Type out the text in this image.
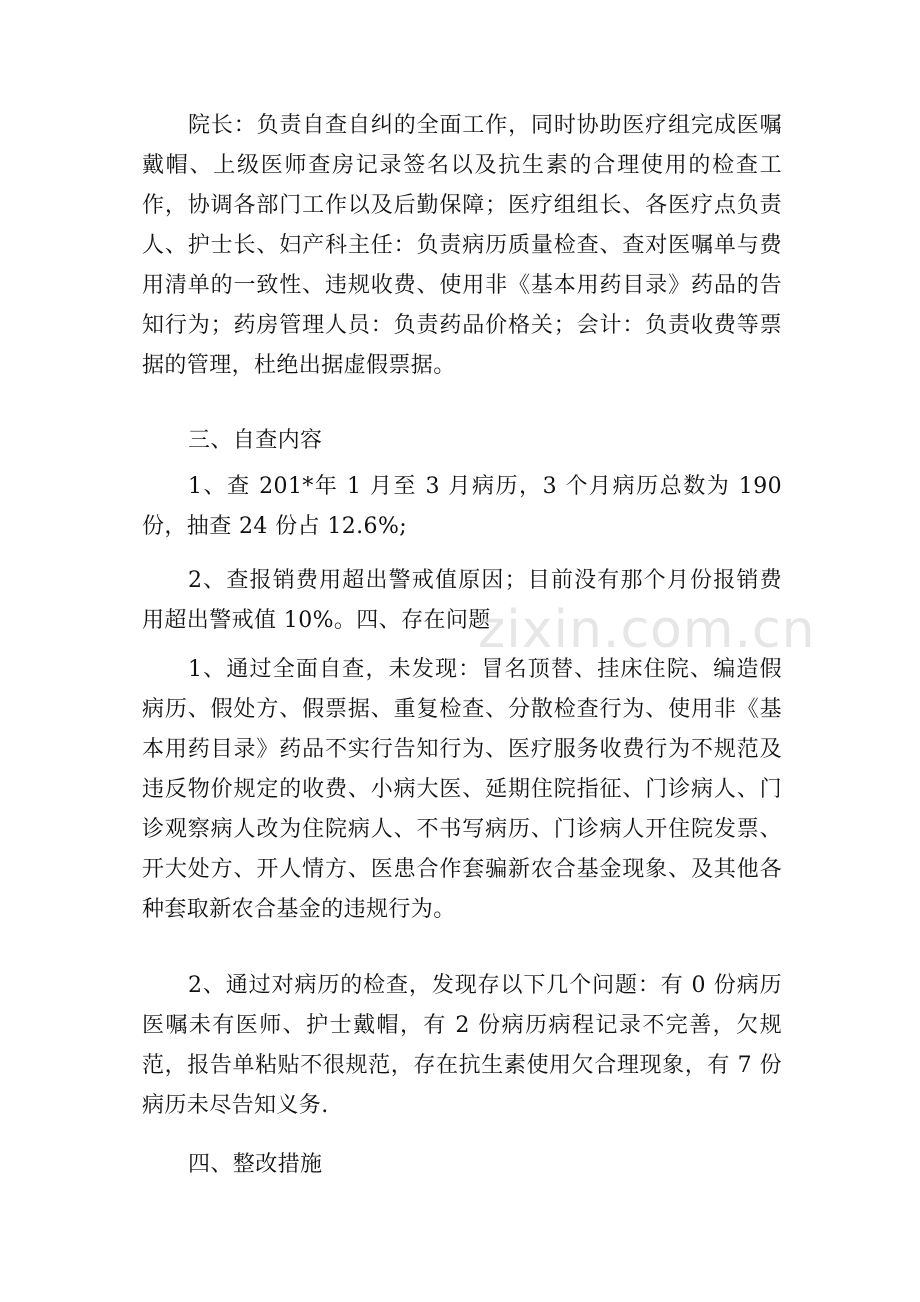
院长：负责自查自纠的全面工作，同时协助医疗组完成医嘱戴帽、上级医师查房记录签名以及抗生素的合理使用的检查工作，协调各部门工作以及后勤保障；医疗组组长、各医疗点负责人、护士长、妇产科主任：负责病历质量检查、查对医嘱单与费用清单的一致性、违规收费、使用非《基本用药目录》药品的告知行为；药房管理人员：负责药品价格关；会计：负责收费等票据的管理，杜绝出据虚假票据。

三、自查内容

1、查 201*年 1 月至 3 月病历，3 个月病历总数为 190 份，抽查 24 份占 12.6%;

2、查报销费用超出警戒值原因；目前没有那个月份报销费用超出警戒值 10%。四、存在问题

1、通过全面自查，未发现：冒名顶替、挂床住院、编造假病历、假处方、假票据、重复检查、分散检查行为、使用非《基本用药目录》药品不实行告知行为、医疗服务收费行为不规范及违反物价规定的收费、小病大医、延期住院指征、门诊病人、门诊观察病人改为住院病人、不书写病历、门诊病人开住院发票、开大处方、开人情方、医患合作套骗新农合基金现象、及其他各种套取新农合基金的违规行为。

2、通过对病历的检查，发现存以下几个问题：有 0 份病历医嘱未有医师、护士戴帽，有 2 份病历病程记录不完善，欠规范，报告单粘贴不很规范，存在抗生素使用欠合理现象，有 7 份病历未尽告知义务.

四、整改措施

zixin.com.cn
